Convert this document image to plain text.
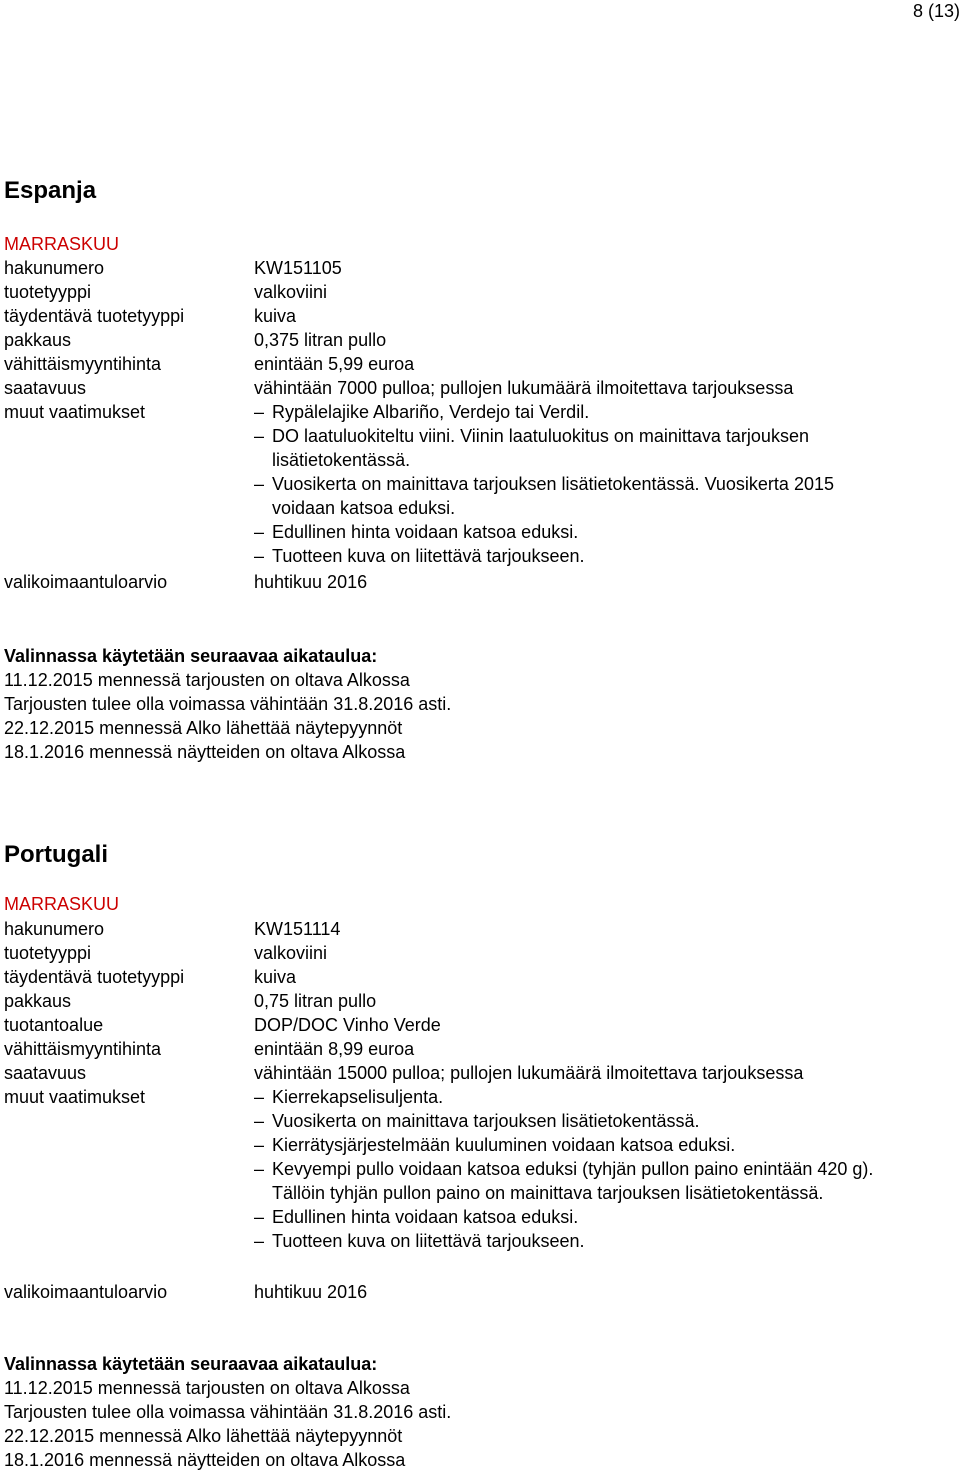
8 (13)
Espanja
MARRASKUU
hakunumero	KW151105
tuotetyyppi	valkoviini
täydentävä tuotetyyppi	kuiva
pakkaus	0,375 litran pullo
vähittäismyyntihinta	enintään 5,99 euroa
saatavuus	vähintään 7000 pulloa; pullojen lukumäärä ilmoitettava tarjouksessa
muut vaatimukset	– Rypälelajike Albariño, Verdejo tai Verdil.
– DO laatuluokiteltu viini. Viinin laatuluokitus on mainittava tarjouksen lisätietokentässä.
– Vuosikerta on mainittava tarjouksen lisätietokentässä. Vuosikerta 2015 voidaan katsoa eduksi.
– Edullinen hinta voidaan katsoa eduksi.
– Tuotteen kuva on liitettävä tarjoukseen.
valikoimaantuloarvio	huhtikuu 2016
Valinnassa käytetään seuraavaa aikataulua:
11.12.2015 mennessä tarjousten on oltava Alkossa
Tarjousten tulee olla voimassa vähintään 31.8.2016 asti.
22.12.2015 mennessä Alko lähettää näytepyynnöt
18.1.2016 mennessä näytteiden on oltava Alkossa
Portugali
MARRASKUU
hakunumero	KW151114
tuotetyyppi	valkoviini
täydentävä tuotetyyppi	kuiva
pakkaus	0,75 litran pullo
tuotantoalue	DOP/DOC Vinho Verde
vähittäismyyntihinta	enintään 8,99 euroa
saatavuus	vähintään 15000 pulloa; pullojen lukumäärä ilmoitettava tarjouksessa
muut vaatimukset	– Kierrekapselisuljenta.
– Vuosikerta on mainittava tarjouksen lisätietokentässä.
– Kierrätysjärjestelmään kuuluminen voidaan katsoa eduksi.
– Kevyempi pullo voidaan katsoa eduksi (tyhjän pullon paino enintään 420 g). Tällöin tyhjän pullon paino on mainittava tarjouksen lisätietokentässä.
– Edullinen hinta voidaan katsoa eduksi.
– Tuotteen kuva on liitettävä tarjoukseen.
valikoimaantuloarvio	huhtikuu 2016
Valinnassa käytetään seuraavaa aikataulua:
11.12.2015 mennessä tarjousten on oltava Alkossa
Tarjousten tulee olla voimassa vähintään 31.8.2016 asti.
22.12.2015 mennessä Alko lähettää näytepyynnöt
18.1.2016 mennessä näytteiden on oltava Alkossa
